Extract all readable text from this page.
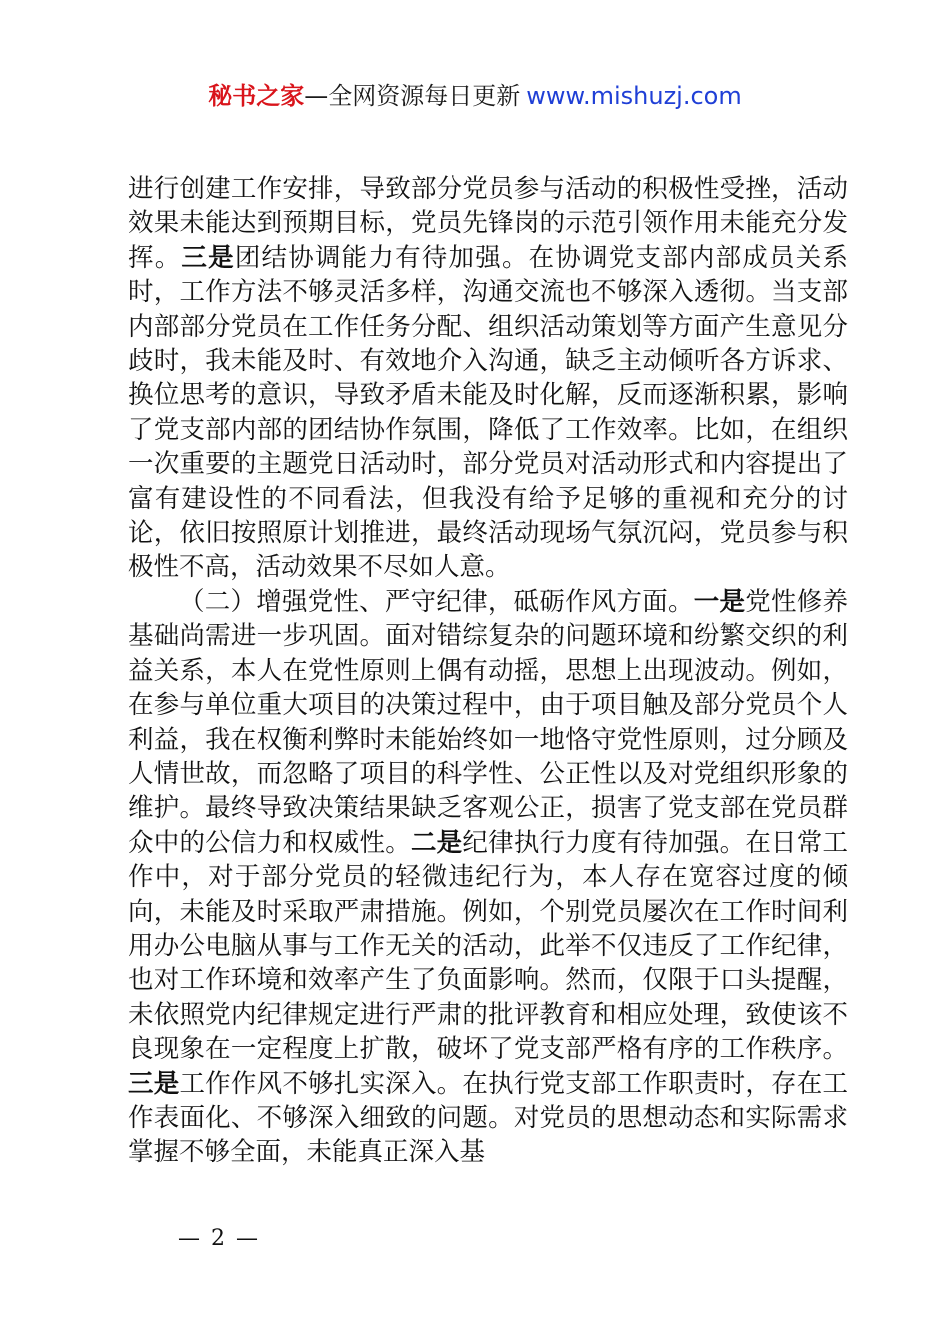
秘书之家—全网资源每日更新 www.mishuzj.com

进行创建工作安排，导致部分党员参与活动的积极性受挫，活动效果未能达到预期目标，党员先锋岗的示范引领作用未能充分发挥。三是团结协调能力有待加强。在协调党支部内部成员关系时，工作方法不够灵活多样，沟通交流也不够深入透彻。当支部内部部分党员在工作任务分配、组织活动策划等方面产生意见分歧时，我未能及时、有效地介入沟通，缺乏主动倾听各方诉求、换位思考的意识，导致矛盾未能及时化解，反而逐渐积累，影响了党支部内部的团结协作氛围，降低了工作效率。比如，在组织一次重要的主题党日活动时，部分党员对活动形式和内容提出了富有建设性的不同看法，但我没有给予足够的重视和充分的讨论，依旧按照原计划推进，最终活动现场气氛沉闷，党员参与积极性不高，活动效果不尽如人意。

（二）增强党性、严守纪律，砥砺作风方面。一是党性修养基础尚需进一步巩固。面对错综复杂的问题环境和纷繁交织的利益关系，本人在党性原则上偶有动摇，思想上出现波动。例如，在参与单位重大项目的决策过程中，由于项目触及部分党员个人利益，我在权衡利弊时未能始终如一地恪守党性原则，过分顾及人情世故，而忽略了项目的科学性、公正性以及对党组织形象的维护。最终导致决策结果缺乏客观公正，损害了党支部在党员群众中的公信力和权威性。二是纪律执行力度有待加强。在日常工作中，对于部分党员的轻微违纪行为，本人存在宽容过度的倾向，未能及时采取严肃措施。例如，个别党员屡次在工作时间利用办公电脑从事与工作无关的活动，此举不仅违反了工作纪律，也对工作环境和效率产生了负面影响。然而，仅限于口头提醒，未依照党内纪律规定进行严肃的批评教育和相应处理，致使该不良现象在一定程度上扩散，破坏了党支部严格有序的工作秩序。三是工作作风不够扎实深入。在执行党支部工作职责时，存在工作表面化、不够深入细致的问题。对党员的思想动态和实际需求掌握不够全面，未能真正深入基

— 2 —
